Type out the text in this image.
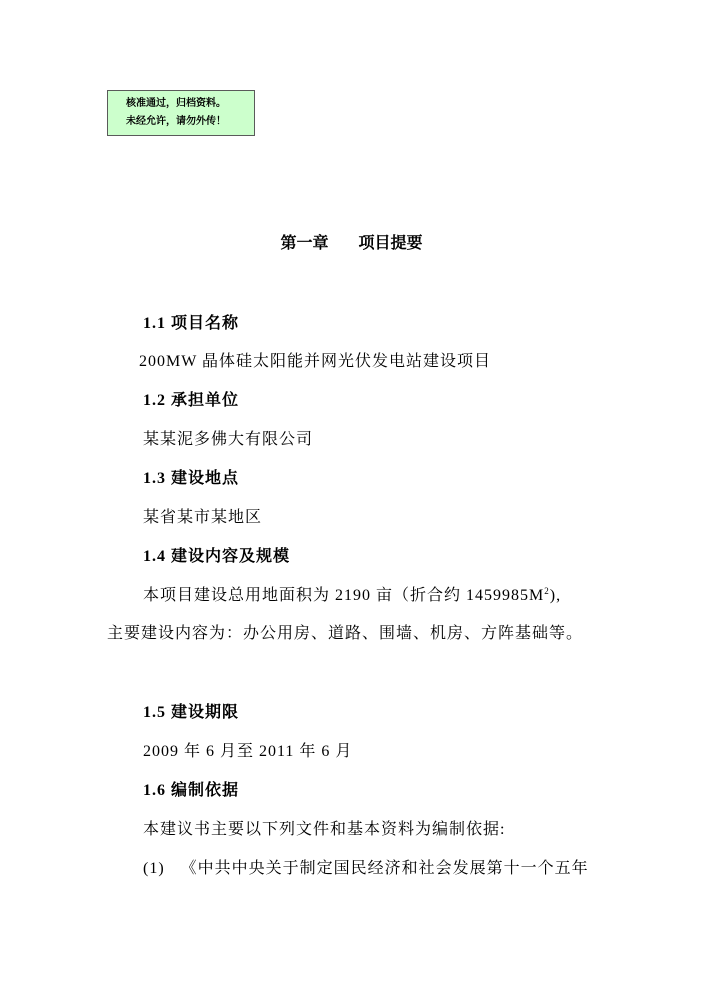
核准通过，归档资料。
未经允许，请勿外传！
第一章 项目提要
1.1 项目名称
200MW 晶体硅太阳能并网光伏发电站建设项目
1.2 承担单位
某某泥多佛大有限公司
1.3 建设地点
某省某市某地区
1.4 建设内容及规模
本项目建设总用地面积为 2190 亩（折合约 $1459985M^2$),
主要建设内容为：办公用房、道路、围墙、机房、方阵基础等。
1.5 建设期限
2009 年 6 月至 2011 年 6 月
1.6 编制依据
本建议书主要以下列文件和基本资料为编制依据:
(1) 《中共中央关于制定国民经济和社会发展第十一个五年
